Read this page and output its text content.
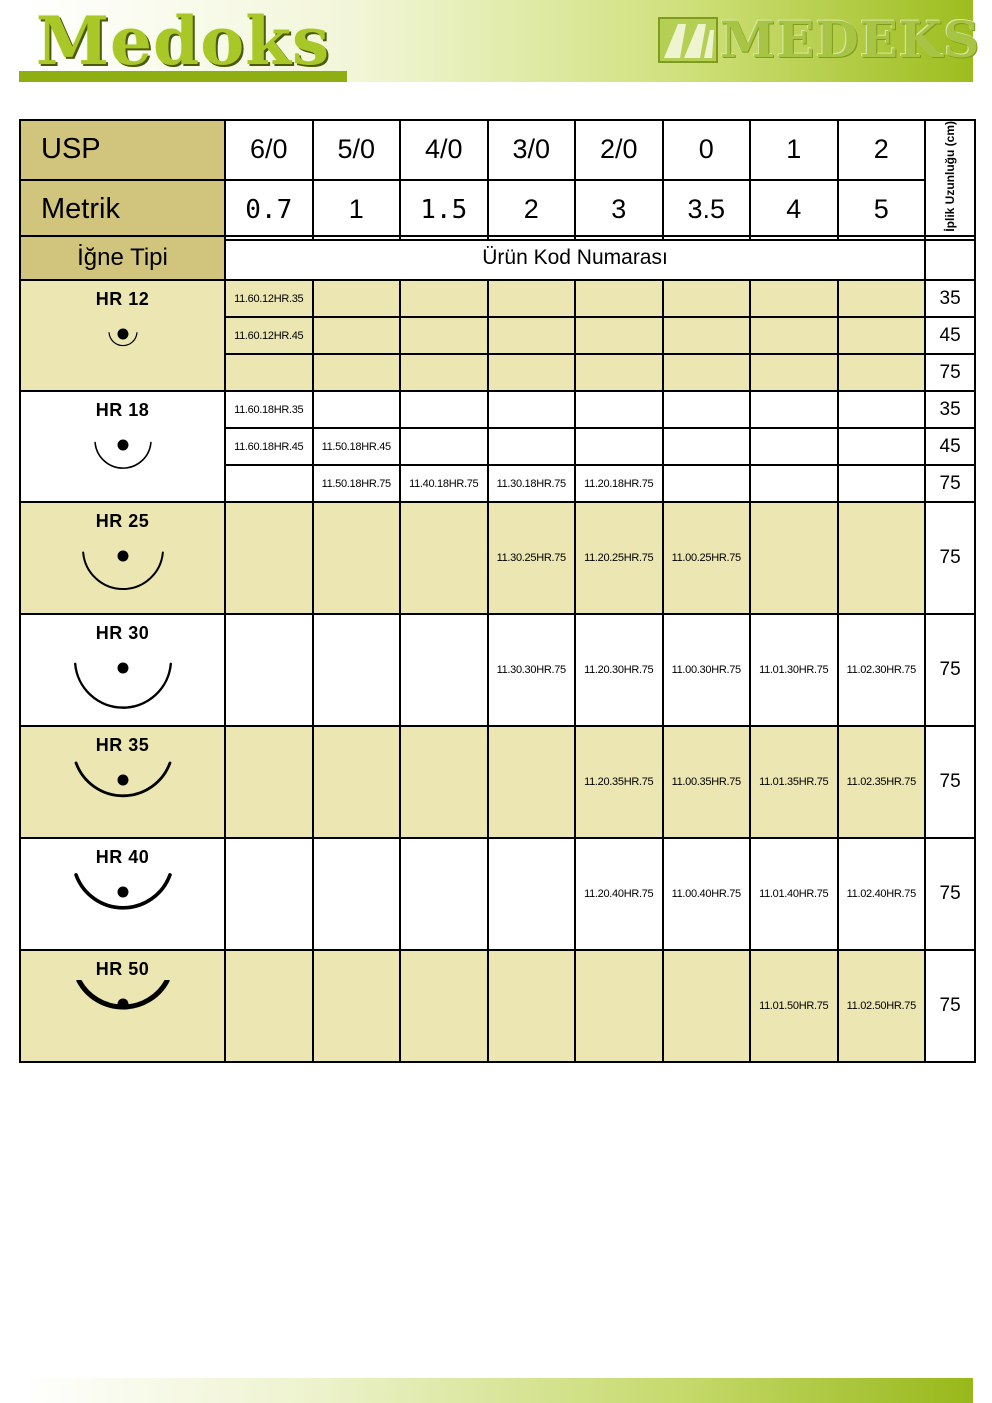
Medoks	MEDEKS
USP	6/0	5/0	4/0	3/0	2/0	0	1	2	İplik Uzunluğu (cm)
Metrik	0.7	1	1.5	2	3	3.5	4	5	
İğne Tipi	Ürün Kod Numarası								

HR 12	11.60.12HR.35								35
	11.60.12HR.45								45
									75

HR 18	11.60.18HR.35								35
	11.60.18HR.45	11.50.18HR.45							45
		11.50.18HR.75	11.40.18HR.75	11.30.18HR.75	11.20.18HR.75				75

HR 25				11.30.25HR.75	11.20.25HR.75	11.00.25HR.75			75

HR 30				11.30.30HR.75	11.20.30HR.75	11.00.30HR.75	11.01.30HR.75	11.02.30HR.75	75

HR 35					11.20.35HR.75	11.00.35HR.75	11.01.35HR.75	11.02.35HR.75	75

HR 40					11.20.40HR.75	11.00.40HR.75	11.01.40HR.75	11.02.40HR.75	75

HR 50							11.01.50HR.75	11.02.50HR.75	75
